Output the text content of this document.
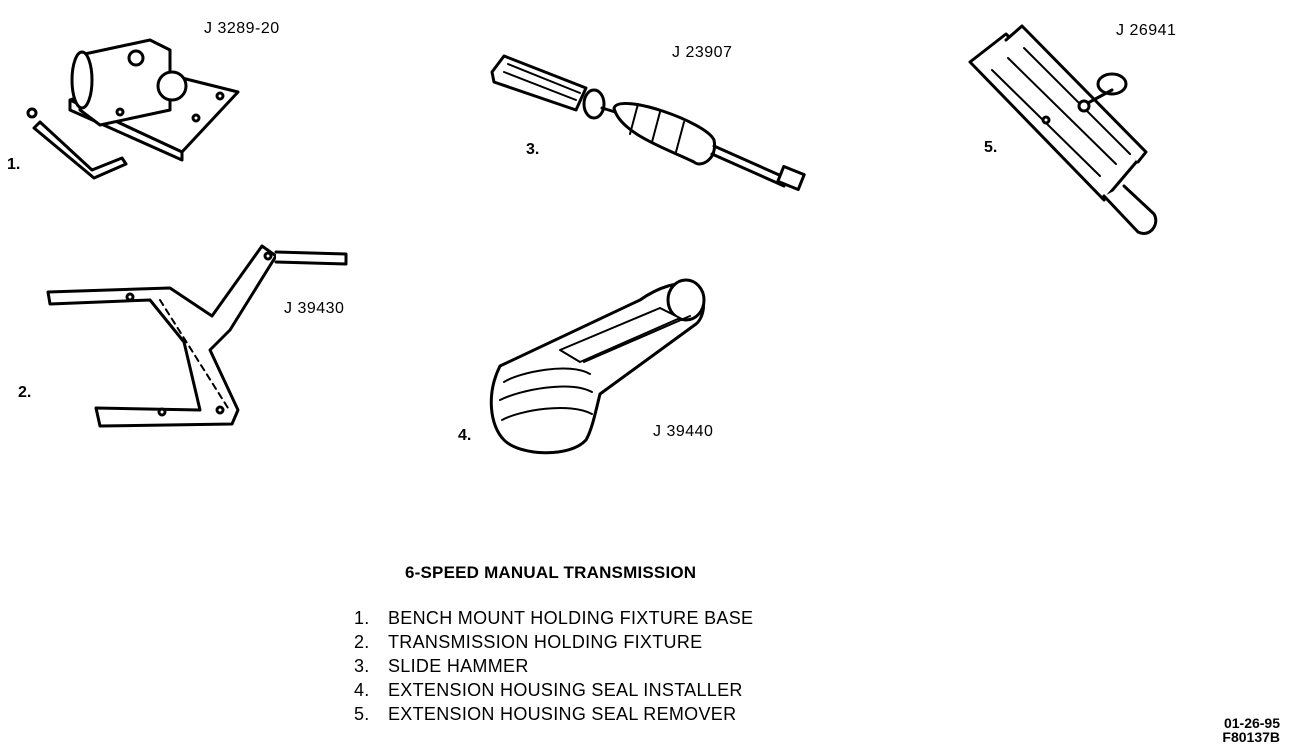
1.
J 3289-20
2.
J 39430
3.
J 23907
4.	J 39440
5.
J 26941
6-SPEED MANUAL TRANSMISSION
1. BENCH MOUNT HOLDING FIXTURE BASE
2. TRANSMISSION HOLDING FIXTURE
3. SLIDE HAMMER
4. EXTENSION HOUSING SEAL INSTALLER
5. EXTENSION HOUSING SEAL REMOVER	01-26-95
F80137B
